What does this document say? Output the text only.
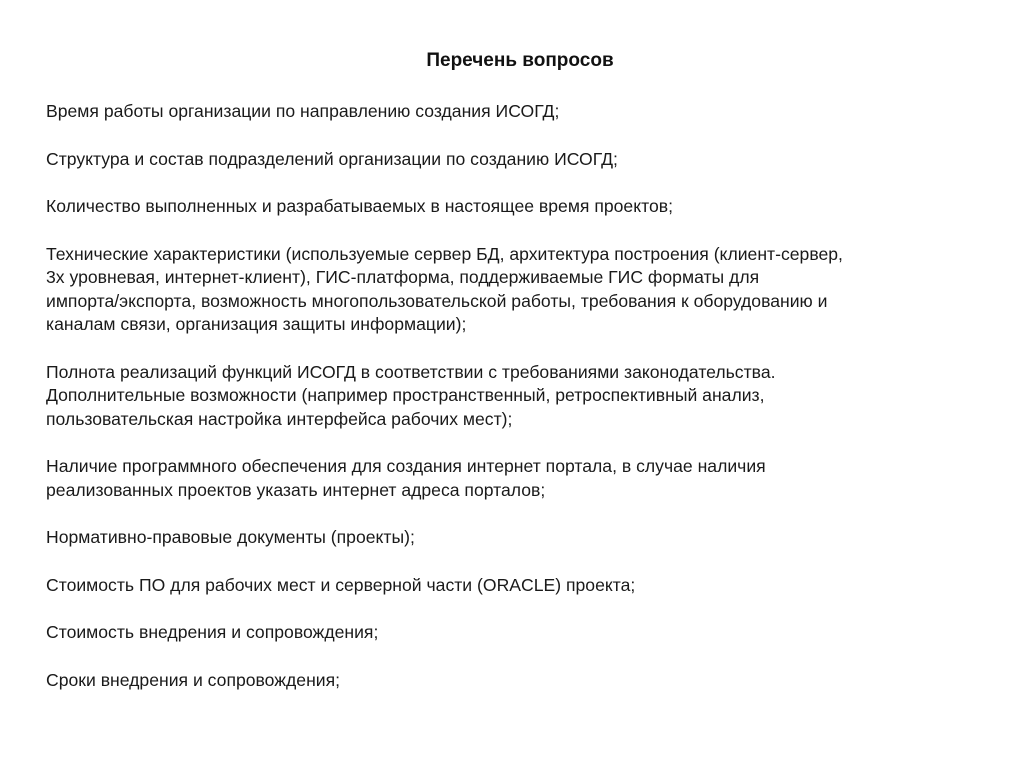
Перечень вопросов
Время работы организации по направлению создания ИСОГД;
Структура и состав подразделений организации по созданию ИСОГД;
Количество выполненных и разрабатываемых в настоящее время проектов;
Технические характеристики (используемые сервер БД, архитектура построения (клиент-сервер,
3х уровневая, интернет-клиент), ГИС-платформа, поддерживаемые ГИС форматы для
импорта/экспорта, возможность многопользовательской работы, требования к оборудованию и
каналам связи, организация защиты информации);
Полнота реализаций функций ИСОГД в соответствии с требованиями законодательства.
Дополнительные возможности (например пространственный, ретроспективный анализ,
пользовательская настройка интерфейса рабочих мест);
Наличие программного обеспечения для создания интернет портала, в случае наличия
реализованных проектов указать интернет адреса порталов;
Нормативно-правовые документы (проекты);
Стоимость ПО для рабочих мест и серверной части (ORACLE) проекта;
Стоимость внедрения и сопровождения;
Сроки внедрения и сопровождения;
